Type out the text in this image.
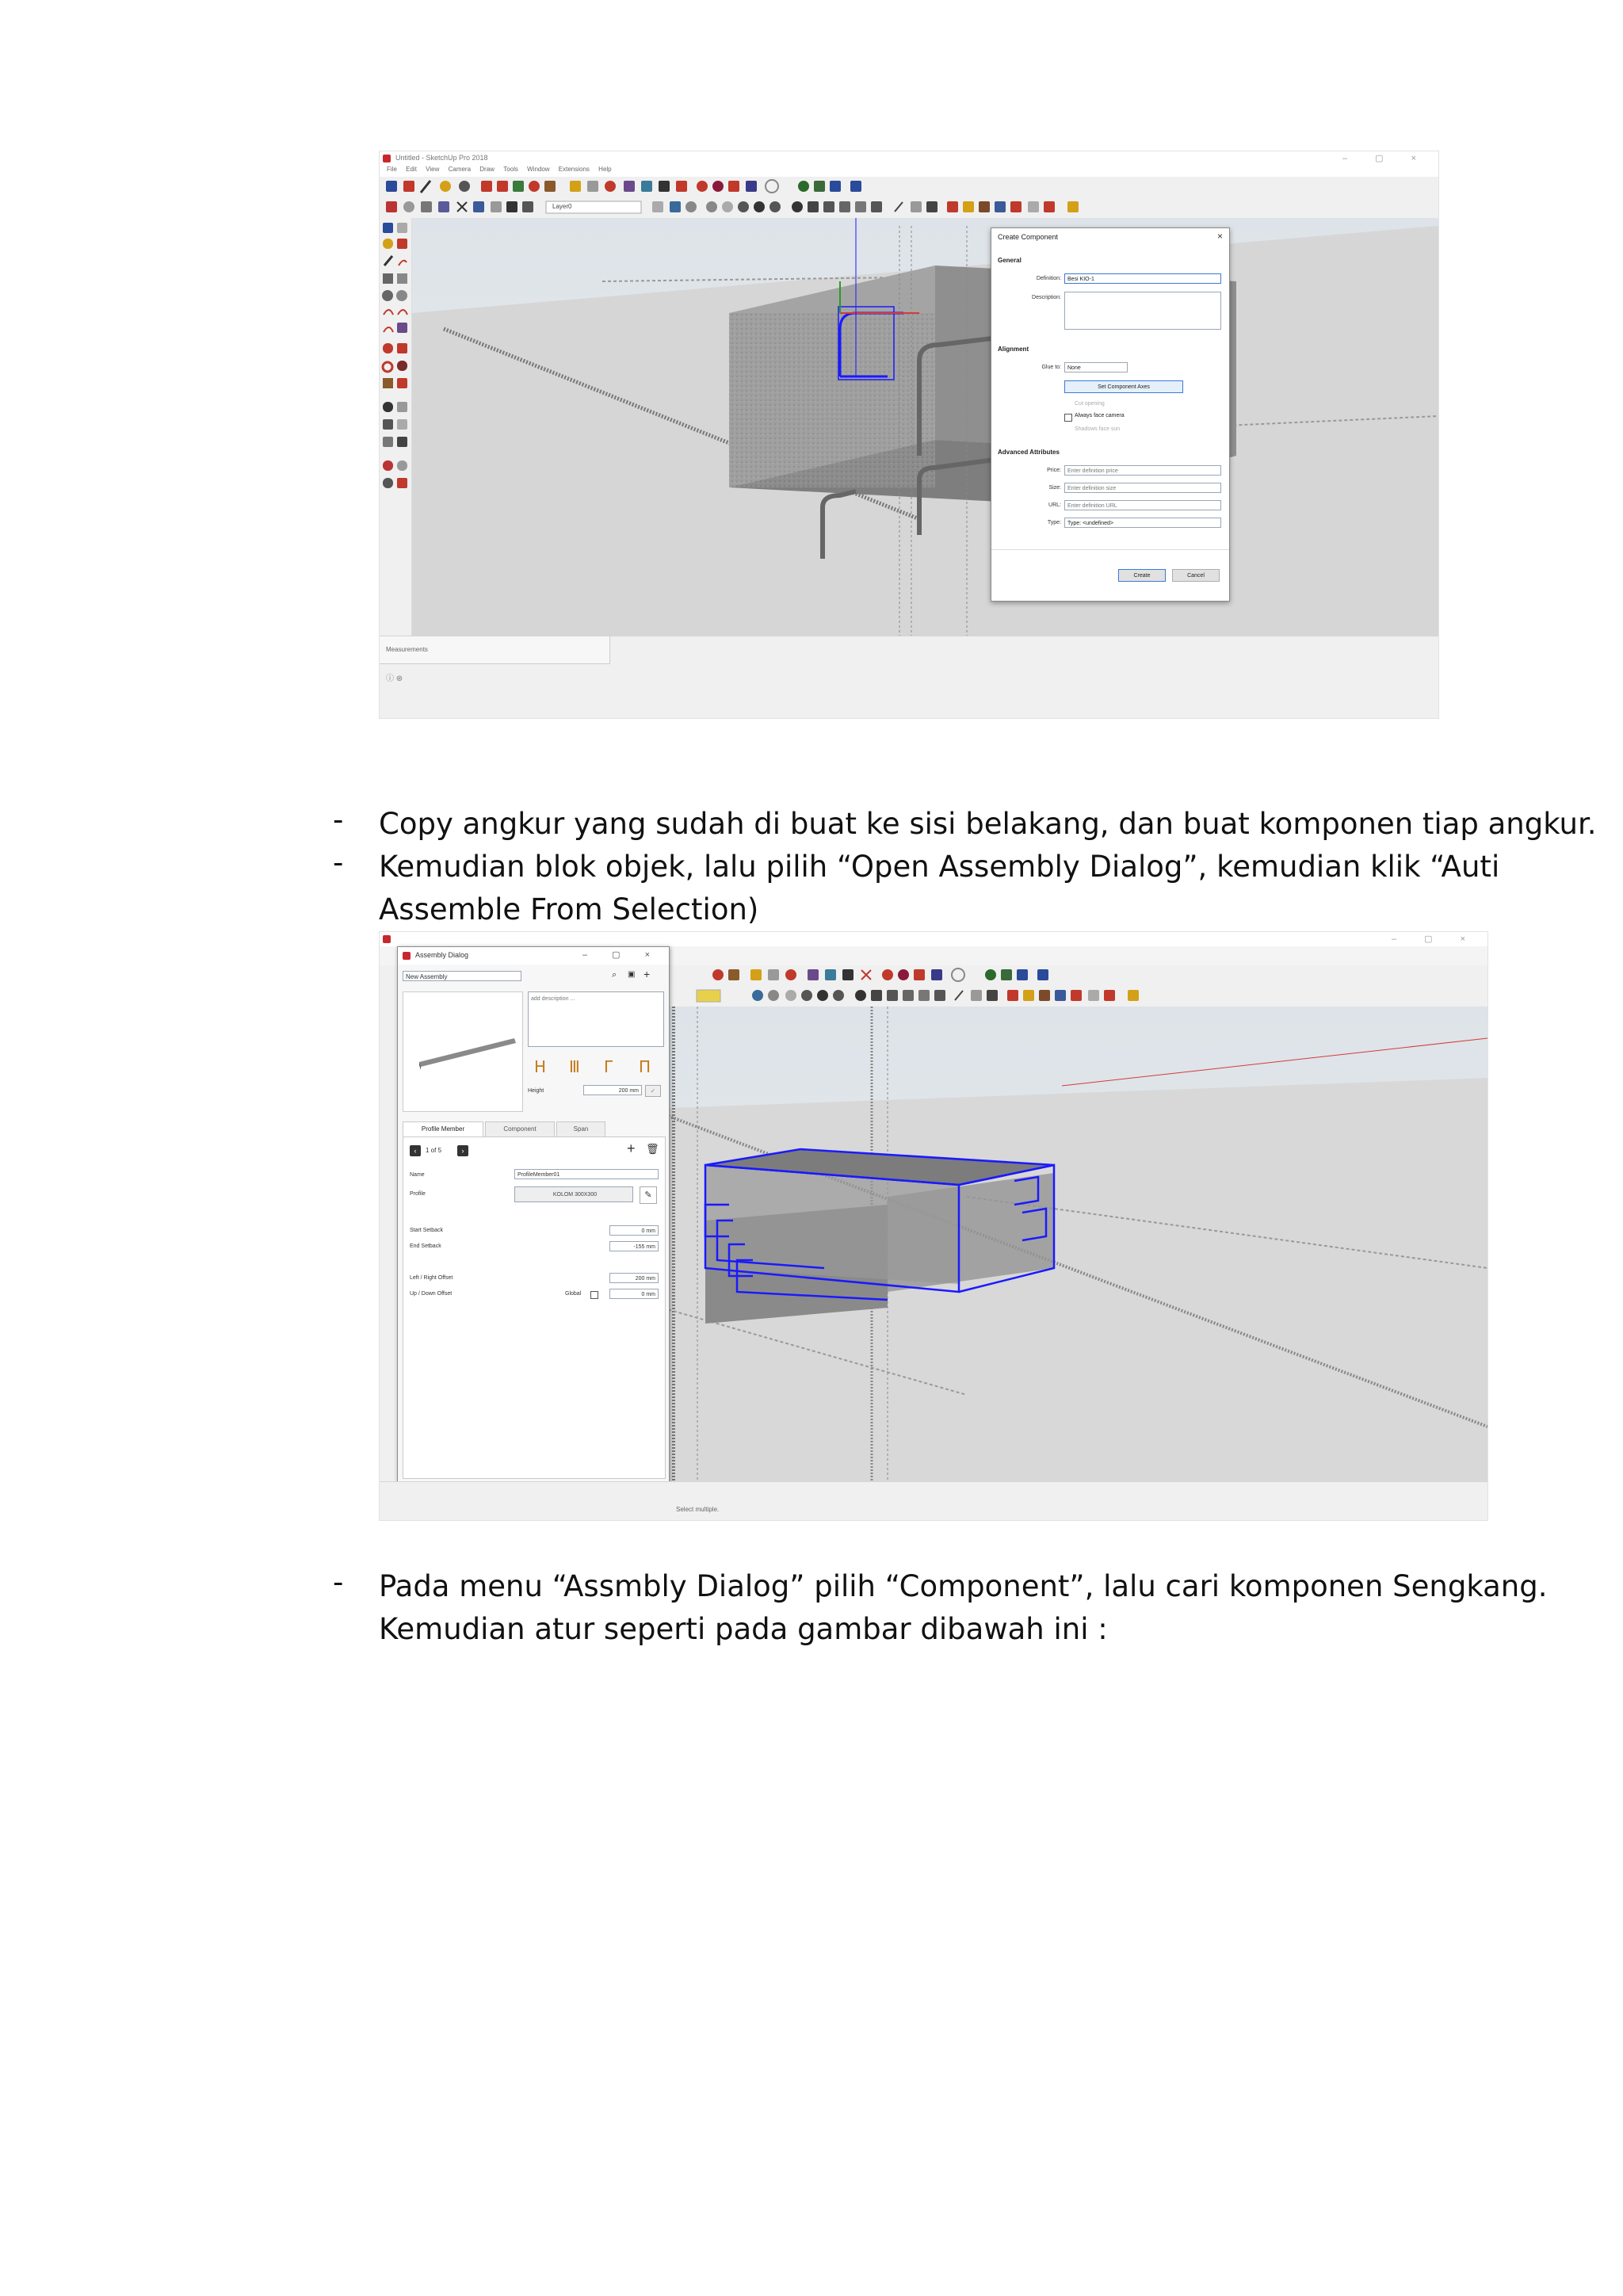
Untitled - SketchUp Pro 2018	– ▢ ×
File Edit View Camera Draw Tools Window Extensions Help
Layer0
Create Component	×
General
Definition:	Besi KIO-1
Description:
Alignment
Glue to:	None
Set Component Axes
Cut opening
Always face camera
Shadows face sun
Advanced Attributes
Price:	Enter definition price
Size:	Enter definition size
URL:	Enter definition URL
Type:	Type: <undefined>
Create	Cancel
Measurements
ⓘ ⊛
- Copy angkur yang sudah di buat ke sisi belakang, dan buat komponen tiap angkur.
- Kemudian blok objek, lalu pilih “Open Assembly Dialog”, kemudian klik “Auti
Assemble From Selection)
– ▢ ×
Assembly Dialog	– ▢ ×
New Assembly	⌕ ▣ +
add description ...
H Ⅲ Γ Π
Height	200 mm	✓
Profile Member	Component	Span
‹	1 of 5	›	+ 🗑
Name	ProfileMember01
Profile	KOLOM 300X300	✎
Start Setback	0 mm
End Setback	-155 mm
Left / Right Offset	200 mm
Up / Down Offset	Global	0 mm
Select multiple.
- Pada menu “Assmbly Dialog” pilih “Component”, lalu cari komponen Sengkang.
Kemudian atur seperti pada gambar dibawah ini :
